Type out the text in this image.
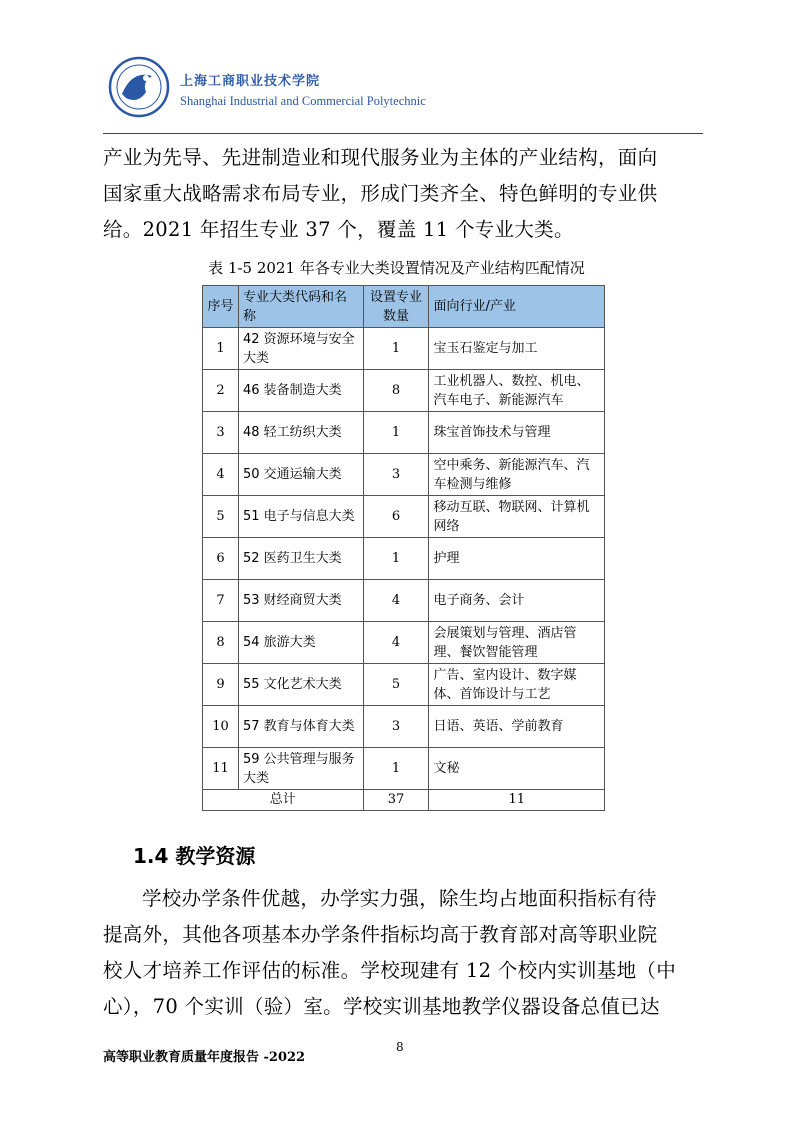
上海工商职业技术学院
Shanghai Industrial and Commercial Polytechnic
产业为先导、先进制造业和现代服务业为主体的产业结构，面向
国家重大战略需求布局专业，形成门类齐全、特色鲜明的专业供
给。2021 年招生专业 37 个，覆盖 11 个专业大类。
表 1-5 2021 年各专业大类设置情况及产业结构匹配情况
序号	专业大类代码和名称	设置专业数量	面向行业/产业
1	42 资源环境与安全大类	1	宝玉石鉴定与加工
2	46 装备制造大类	8	工业机器人、数控、机电、汽车电子、新能源汽车
3	48 轻工纺织大类	1	珠宝首饰技术与管理
4	50 交通运输大类	3	空中乘务、新能源汽车、汽车检测与维修
5	51 电子与信息大类	6	移动互联、物联网、计算机网络
6	52 医药卫生大类	1	护理
7	53 财经商贸大类	4	电子商务、会计
8	54 旅游大类	4	会展策划与管理、酒店管理、餐饮智能管理
9	55 文化艺术大类	5	广告、室内设计、数字媒体、首饰设计与工艺
10	57 教育与体育大类	3	日语、英语、学前教育
11	59 公共管理与服务大类	1	文秘
总计		37	11
1.4 教学资源
学校办学条件优越，办学实力强，除生均占地面积指标有待
提高外，其他各项基本办学条件指标均高于教育部对高等职业院
校人才培养工作评估的标准。学校现建有 12 个校内实训基地（中
心），70 个实训（验）室。学校实训基地教学仪器设备总值已达
高等职业教育质量年度报告 -2022
8
